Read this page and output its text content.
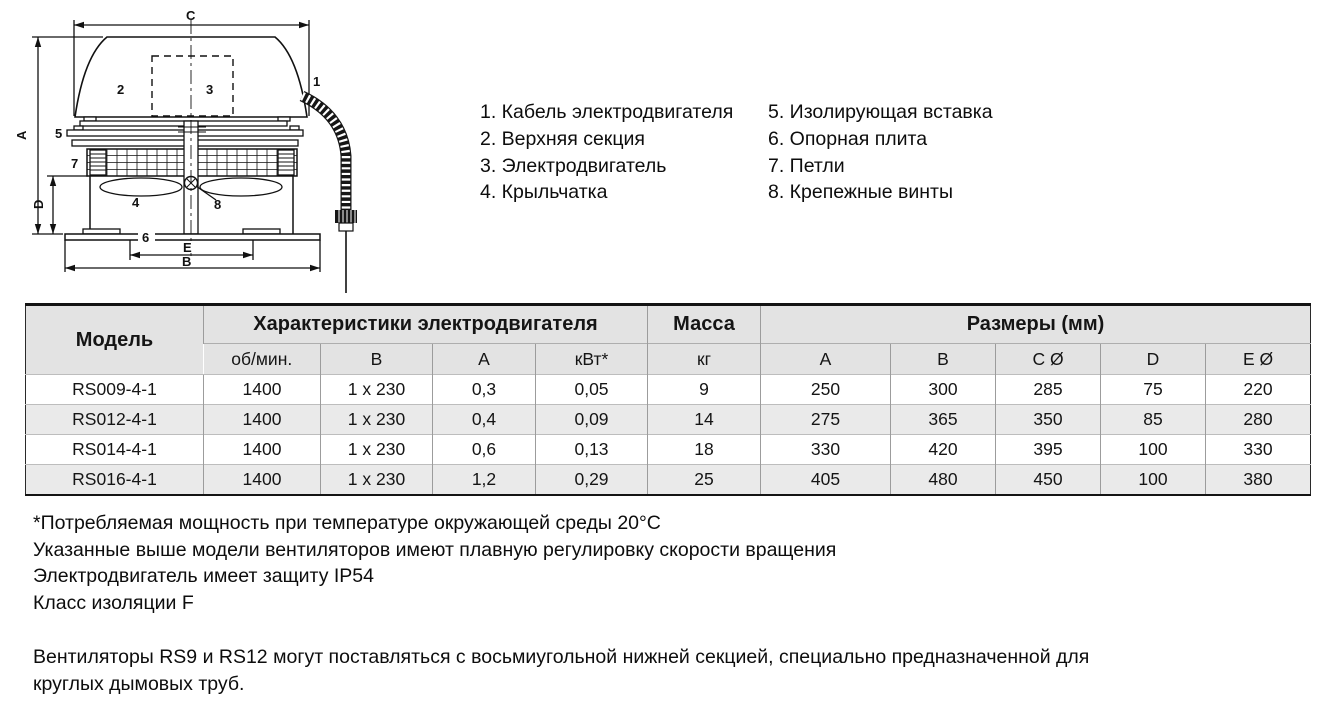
C
A
D
E
B
1
2	3
4
5
6
7
8
1. Кабель электродвигателя
2. Верхняя секция
3. Электродвигатель
4. Крыльчатка
5. Изолирующая вставка
6. Опорная плита
7. Петли
8. Крепежные винты
Модель	Характеристики электродвигателя				Масса	Размеры (мм)				
	об/мин.	В	А	кВт*	кг	A	B	C Ø	D	E Ø
RS009-4-1	1400	1 x 230	0,3	0,05	9	250	300	285	75	220
RS012-4-1	1400	1 x 230	0,4	0,09	14	275	365	350	85	280
RS014-4-1	1400	1 x 230	0,6	0,13	18	330	420	395	100	330
RS016-4-1	1400	1 x 230	1,2	0,29	25	405	480	450	100	380
*Потребляемая мощность при температуре окружающей среды 20°С
Указанные выше модели вентиляторов имеют плавную регулировку скорости вращения
Электродвигатель имеет защиту IP54
Класс изоляции F
Вентиляторы RS9 и RS12 могут поставляться с восьмиугольной нижней секцией, специально предназначенной для круглых дымовых труб.
